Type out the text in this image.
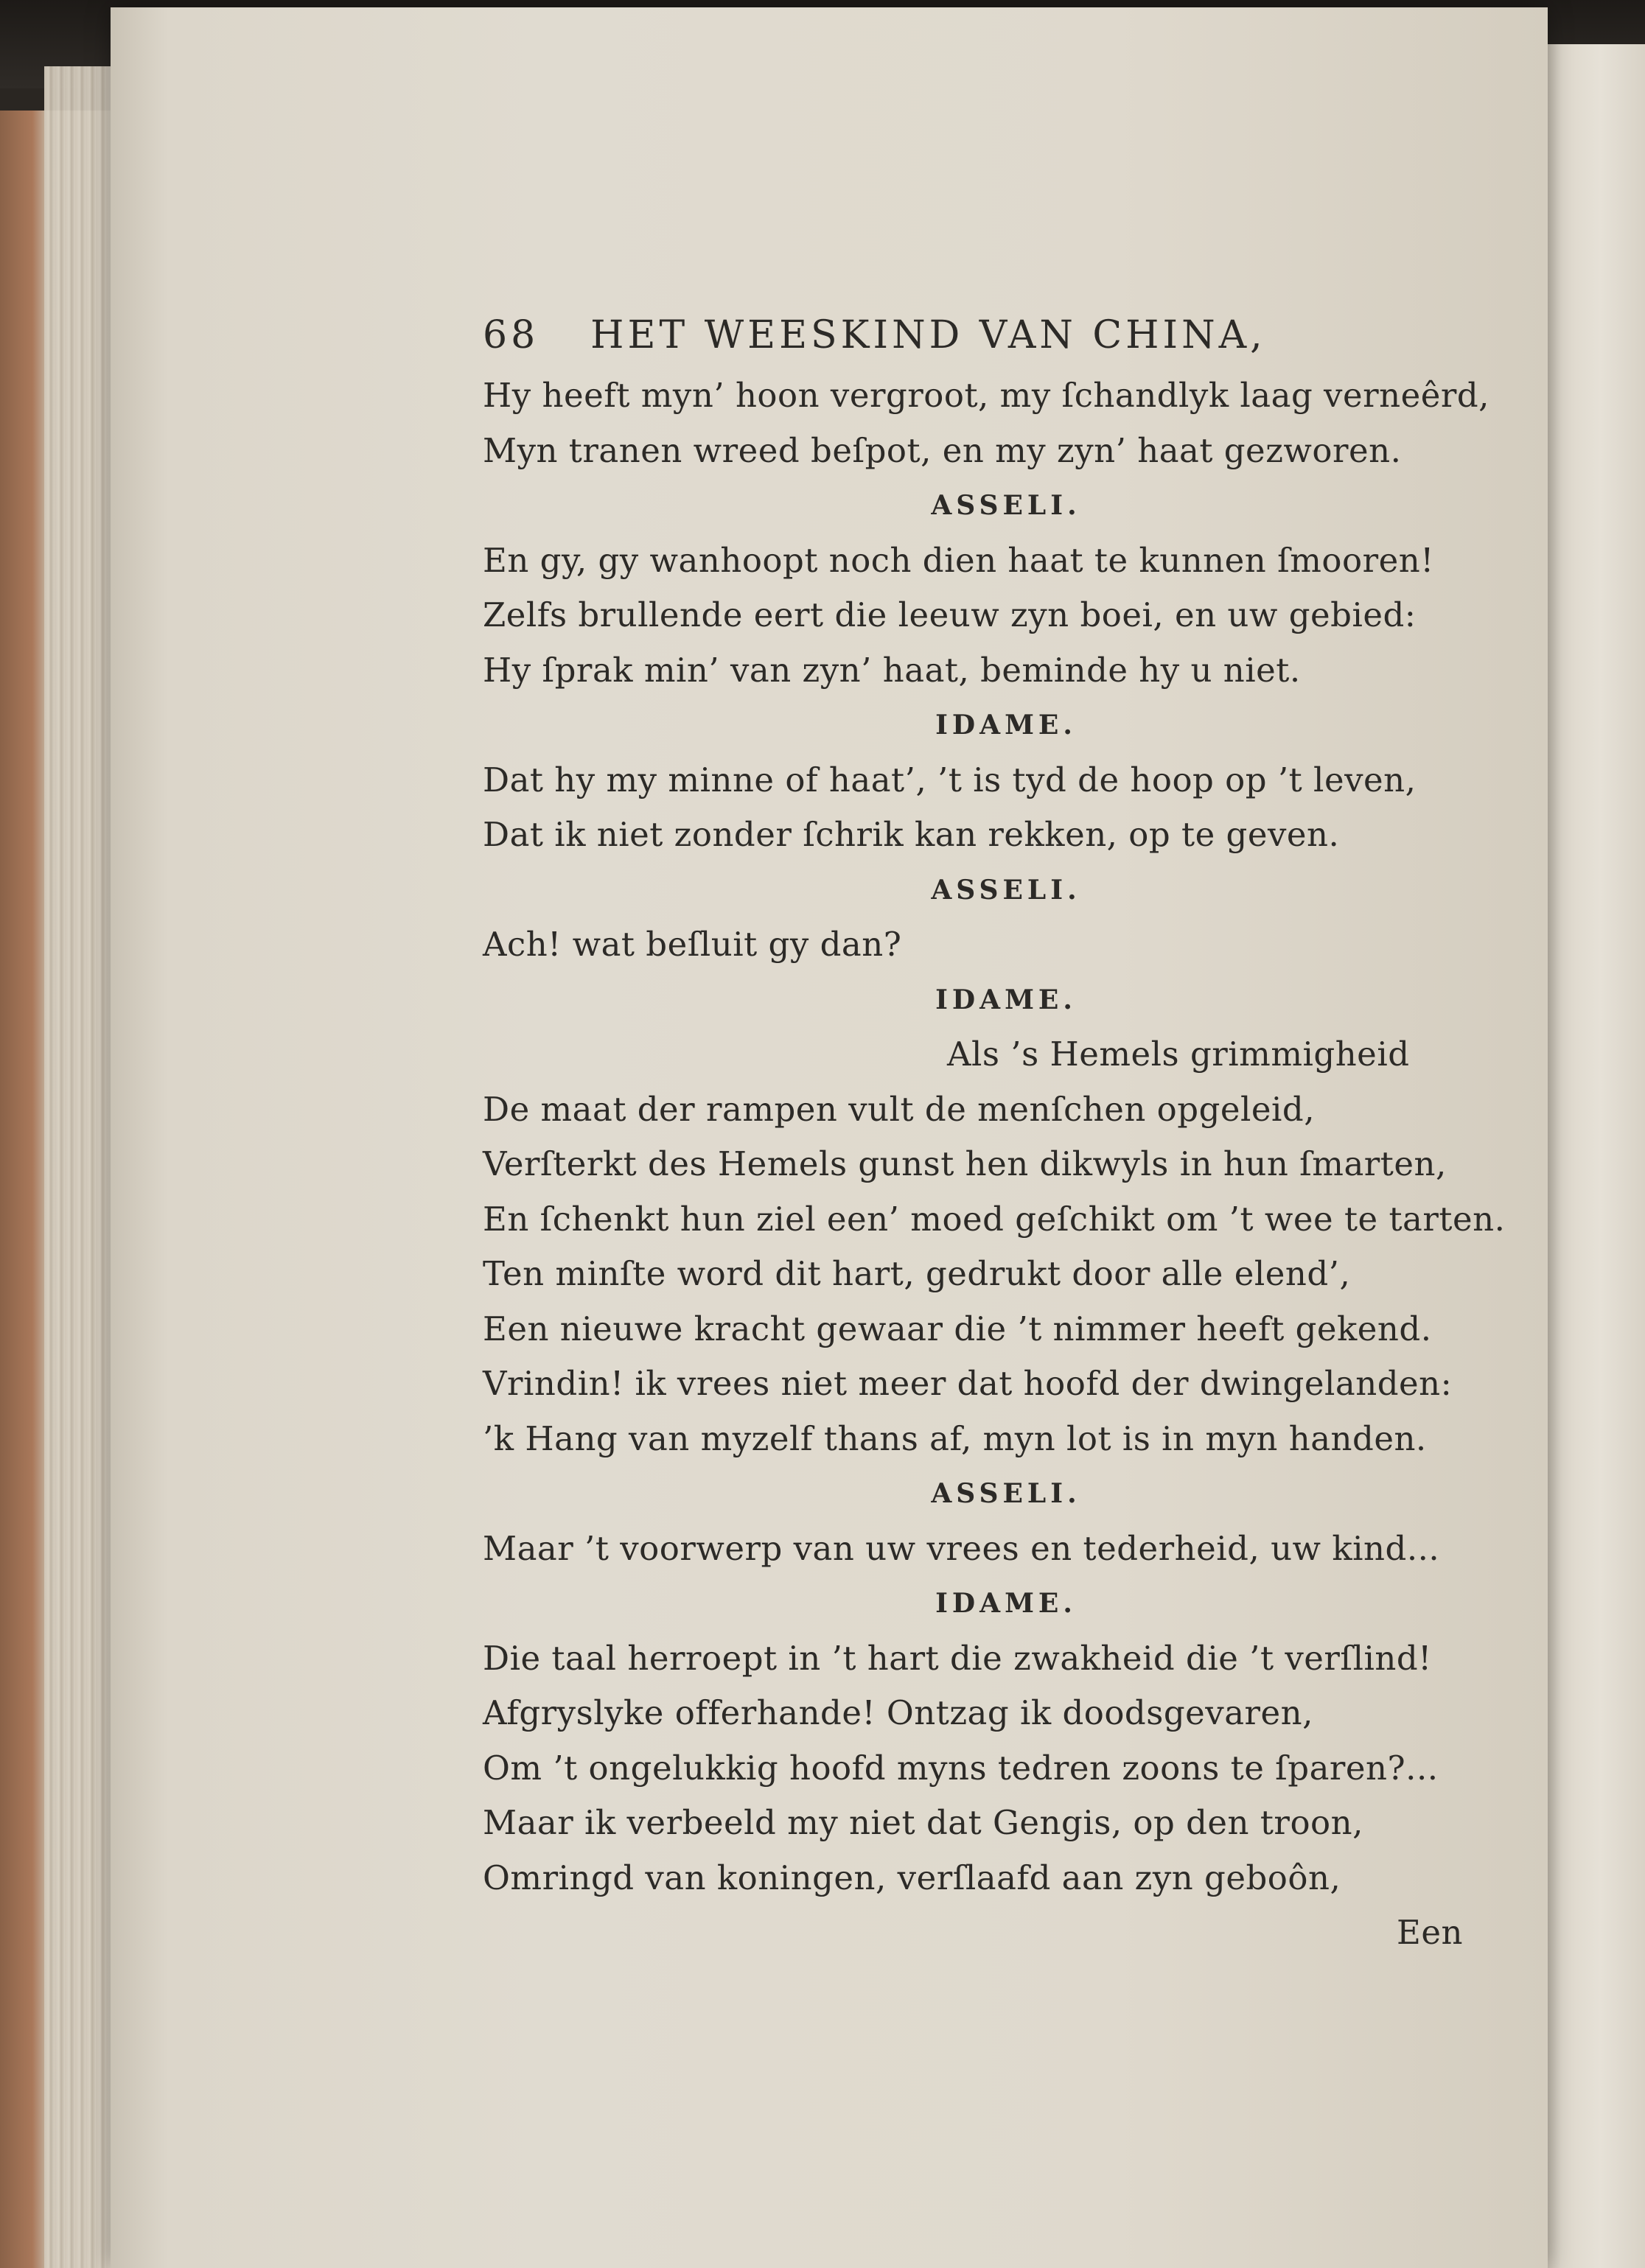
68 HET WEESKIND VAN CHINA,
Hy heeft myn’ hoon vergroot, my ſchandlyk laag verneêrd,
Myn tranen wreed beſpot, en my zyn’ haat gezworen.
ASSELI.
En gy, gy wanhoopt noch dien haat te kunnen ſmooren!
Zelfs brullende eert die leeuw zyn boei, en uw gebied:
Hy ſprak min’ van zyn’ haat, beminde hy u niet.
IDAME.
Dat hy my minne of haat’, ’t is tyd de hoop op ’t leven,
Dat ik niet zonder ſchrik kan rekken, op te geven.
ASSELI.
Ach! wat beſluit gy dan?
IDAME.
Als ’s Hemels grimmigheid
De maat der rampen vult de menſchen opgeleid,
Verſterkt des Hemels gunst hen dikwyls in hun ſmarten,
En ſchenkt hun ziel een’ moed geſchikt om ’t wee te tarten.
Ten minſte word dit hart, gedrukt door alle elend’,
Een nieuwe kracht gewaar die ’t nimmer heeft gekend.
Vrindin! ik vrees niet meer dat hoofd der dwingelanden:
’k Hang van myzelf thans af, myn lot is in myn handen.
ASSELI.
Maar ’t voorwerp van uw vrees en tederheid, uw kind...
IDAME.
Die taal herroept in ’t hart die zwakheid die ’t verſlind!
Afgryslyke offerhande! Ontzag ik doodsgevaren,
Om ’t ongelukkig hoofd myns tedren zoons te ſparen?...
Maar ik verbeeld my niet dat Gengis, op den troon,
Omringd van koningen, verſlaafd aan zyn geboôn,
Een
